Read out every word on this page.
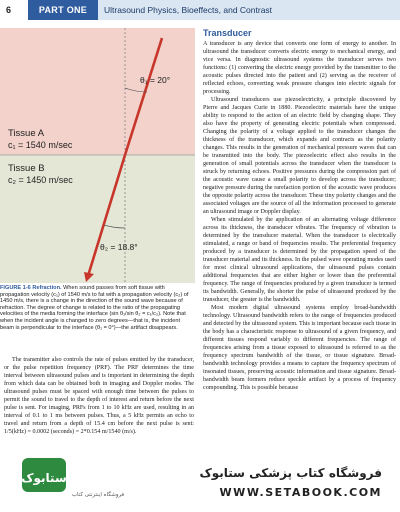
6	PART ONE	Ultrasound Physics, Bioeffects, and Contrast
θ₁ = 20°
Tissue A
c₁ = 1540 m/sec
Tissue B
c₂ = 1450 m/sec
θ₂ = 18.8°
FIGURE 1-6 Refraction. When sound passes from soft tissue with propagation velocity (c₁) of 1540 m/s to fat with a propagation velocity (c₂) of 1450 m/s, there is a change in the direction of the sound wave because of refraction. The degree of change is related to the ratio of the propagating velocities of the media forming the interface (sin θ₁/sin θ₂ = c₁/c₂). Note that when the incident angle is changed to zero degrees—that is, the incident beam is perpendicular to the interface (θ₁ = 0°)—the artifact disappears.

The transmitter also controls the rate of pulses emitted by the transducer, or the pulse repetition frequency (PRF). The PRF determines the time interval between ultrasound pulses and is important in determining the depth from which data can be obtained both in imaging and Doppler modes. The ultrasound pulses must be spaced with enough time between the pulses to permit the sound to travel to the depth of interest and return before the next pulse is sent. For imaging, PRFs from 1 to 10 kHz are used, resulting in an interval of 0.1 to 1 ms between pulses. Thus, a 5 kHz permits an echo to travel and return from a depth of 15.4 cm before the next pulse is sent: 1/5(kHz) = 0.0002 (seconds) = 2*0.154 m/1540 (m/s).

Transducer

A transducer is any device that converts one form of energy to another. In ultrasound the transducer converts electric energy to mechanical energy, and vice versa. In diagnostic ultrasound systems the transducer serves two functions: (1) converting the electric energy provided by the transmitter to the acoustic pulses directed into the patient and (2) serving as the receiver of reflected echoes, converting weak pressure changes into electric signals for processing.

Ultrasound transducers use piezoelectricity, a principle discovered by Pierre and Jacques Curie in 1880. Piezoelectric materials have the unique ability to respond to the action of an electric field by changing shape. They also have the property of generating electric potentials when compressed. Changing the polarity of a voltage applied to the transducer changes the thickness of the transducer, which expands and contracts as the polarity changes. This results in the generation of mechanical pressure waves that can be transmitted into the body. The piezoelectric effect also results in the generation of small potentials across the transducer when the transducer is struck by returning echoes. Positive pressures during the compression part of the acoustic wave cause a small polarity to develop across the transducer; negative pressure during the rarefaction portion of the acoustic wave produces the opposite polarity across the transducer. These tiny polarity changes and the associated voltages are the source of all the information processed to generate an ultrasound image or Doppler display.

When stimulated by the application of an alternating voltage difference across its thickness, the transducer vibrates. The frequency of vibration is determined by the transducer material. When the transducer is electrically stimulated, a range or band of frequencies results. The preferential frequency produced by a transducer is determined by the propagation speed of the transducer material and its thickness. In the pulsed wave operating modes used for most clinical ultrasound applications, the ultrasound pulses contain additional frequencies that are either higher or lower than the preferential frequency. The range of frequencies produced by a given transducer is termed its bandwidth. Generally, the shorter the pulse of ultrasound produced by the transducer, the greater is the bandwidth.

Most modern digital ultrasound systems employ broad-bandwidth technology. Ultrasound bandwidth refers to the range of frequencies produced and detected by the ultrasound system. This is important because each tissue in the body has a characteristic response to ultrasound of a given frequency, and different tissues respond variably to different frequencies. The range of frequencies arising from a tissue exposed to ultrasound is referred to as the frequency spectrum bandwidth of the tissue, or tissue signature. Broad-bandwidth technology provides a means to capture the frequency spectrum of insonated tissues, preserving acoustic information and tissue signature. Broad-bandwidth beam formers reduce speckle artifact by a process of frequency compounding. This is possible because

ستابوک
فروشگاه اینترنتی کتاب
فروشگاه کتاب پزشکی ستابوک
WWW.SETABOOK.COM
